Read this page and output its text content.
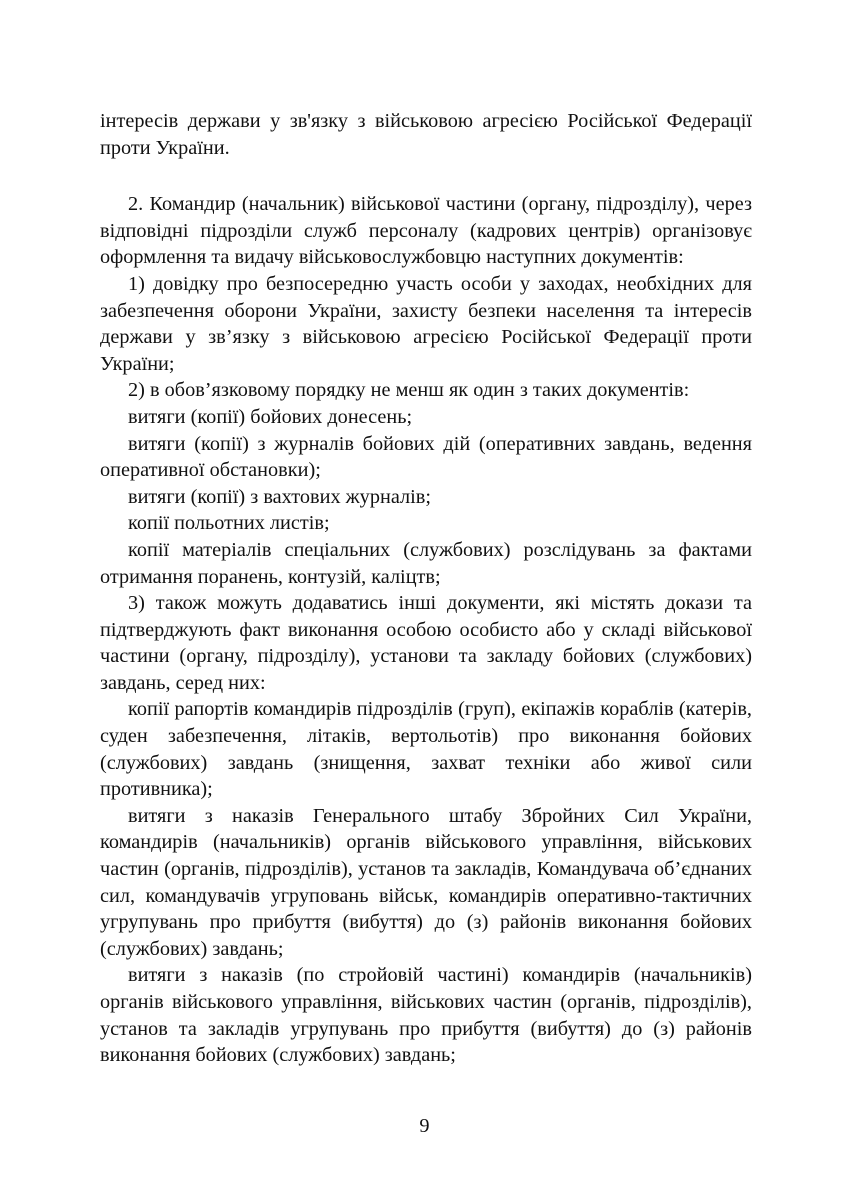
інтересів держави у зв'язку з військовою агресією Російської Федерації проти України.

2. Командир (начальник) військової частини (органу, підрозділу), через відповідні підрозділи служб персоналу (кадрових центрів) організовує оформлення та видачу військовослужбовцю наступних документів:

1) довідку про безпосередню участь особи у заходах, необхідних для забезпечення оборони України, захисту безпеки населення та інтересів держави у зв’язку з військовою агресією Російської Федерації проти України;

2) в обов’язковому порядку не менш як один з таких документів:

витяги (копії) бойових донесень;

витяги (копії) з журналів бойових дій (оперативних завдань, ведення оперативної обстановки);

витяги (копії) з вахтових журналів;

копії польотних листів;

копії матеріалів спеціальних (службових) розслідувань за фактами отримання поранень, контузій, каліцтв;

3) також можуть додаватись інші документи, які містять докази та підтверджують факт виконання особою особисто або у складі військової частини (органу, підрозділу), установи та закладу бойових (службових) завдань, серед них:

копії рапортів командирів підрозділів (груп), екіпажів кораблів (катерів, суден забезпечення, літаків, вертольотів) про виконання бойових (службових) завдань (знищення, захват техніки або живої сили противника);

витяги з наказів Генерального штабу Збройних Сил України, командирів (начальників) органів військового управління, військових частин (органів, підрозділів), установ та закладів, Командувача об’єднаних сил, командувачів угруповань військ, командирів оперативно-тактичних угрупувань про прибуття (вибуття) до (з) районів виконання бойових (службових) завдань;

витяги з наказів (по стройовій частині) командирів (начальників) органів військового управління, військових частин (органів, підрозділів), установ та закладів угрупувань про прибуття (вибуття) до (з) районів виконання бойових (службових) завдань;

9
